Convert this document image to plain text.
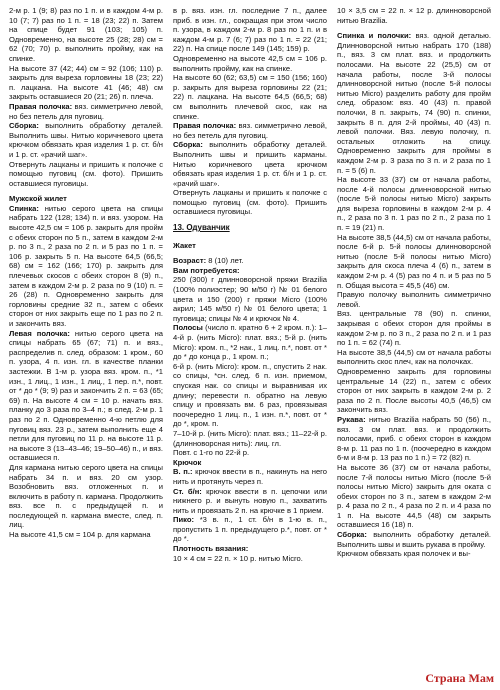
2-м р. 1 (9; 8) раз по 1 п. и в каждом 4-м р. 10 (7; 7) раз по 1 п. = 18 (23; 22) п. Затем на спице будет 91 (103; 105) п. Одновременно, на высоте 25 (28; 28) см = 62 (70; 70) р. выполнить пройму, как на спинке.

На высоте 37 (42; 44) см = 92 (106; 110) р. закрыть для выреза горловины 18 (23; 22) п. лацкана. На высоте 41 (46; 48) см закрыть оставшиеся 20 (21; 26) п. плеча.

Правая полочка: вяз. симметрично левой, но без петель для пуговиц.

Сборка: выполнить обработку деталей. Выполнить швы. Нитью коричневого цвета крючком обвязать края изделия 1 р. ст. б/н и 1 р. ст. «рачий шаг».

Отвернуть лацканы и пришить к полочке с помощью пуговиц (см. фото). Пришить оставшиеся пуговицы.

Мужской жилет

Спинка: нитью серого цвета на спицы набрать 122 (128; 134) п. и вяз. узором. На высоте 42,5 см = 106 р. закрыть для пройм с обеих сторон по 5 п., затем в каждом 2-м р. по 3 п., 2 раза по 2 п. и 5 раз по 1 п. = 106 р. закрыть 5 п. На высоте 64,5 (66,5; 68) см = 162 (166; 170) р. закрыть для плечевых скосов с обеих сторон 8 (9) п., затем в каждом 2-м р. 2 раза по 9 (10) п. = 26 (28) п. Одновременно закрыть для горловины средние 32 п., затем с обеих сторон от них закрыть еще по 1 раз по 2 п. и закончить вяз.

Левая полочка: нитью серого цвета на спицы набрать 65 (67; 71) п. и вяз., распределив п. след. образом: 1 кром., 60 п. узора, 4 п. изн. гл. в качестве планки застежки. В 1-м р. узора вяз. кром. п., *1 изн., 1 лиц., 1 изн., 1 лиц., 1 пер. п.*, повт. от * до * (9; 9) раз и закончить 2 п. = 63 (65; 69) п. На высоте 4 см = 10 р. начать вяз. планку до 3 раза по 3–4 п.; в след. 2-м р. 1 раз по 2 п. Одновременно 4-ю петлю для пуговиц вяз. 23 р., затем выполнить еще 4 петли для пуговиц по 11 р. на высоте 11 р. на высоте 3 (13–43–46; 19–50–46) п., и вяз. оставшиеся п.

Для кармана нитью серого цвета на спицы набрать 34 п. и вяз. 20 см узор. Возобновить вяз. отложенных п. и включить в работу п. кармана. Продолжить вяз. все п. с предыдущей п. и последующей п. кармана вместе, след. п. лиц.

На высоте 41,5 см = 104 р. для кармана

в р. вяз. изн. гл. последние 7 п., далее приб. в изн. гл., сокращая при этом число п. узора, в каждом 2-м р. 8 раз по 1 п. и в каждом 4-м р. 7 (6; 7) раз по 1 п. = 22 (21; 22) п. На спице после 149 (145; 159) р.

Одновременно на высоте 42,5 см = 106 р. выполнить пройму, как на спинке.

На высоте 60 (62; 63,5) см = 150 (156; 160) р. закрыть для выреза горловины 22 (21; 22) п. лацкана. На высоте 64,5 (66,5; 68) см выполнить плечевой скос, как на спинке.

Правая полочка: вяз. симметрично левой, но без петель для пуговиц.

Сборка: выполнить обработку деталей. Выполнить швы и пришить карманы. Нитью коричневого цвета крючком обвязать края изделия 1 р. ст. б/н и 1 р. ст. «рачий шаг».

Отвернуть лацканы и пришить к полочке с помощью пуговиц (см. фото). Пришить оставшиеся пуговицы.

13. Одуванчик

Жакет

Возраст: 8 (10) лет.

Вам потребуется:

250 (300) г длинноворсной пряжи Brazilia (100% полиэстер; 90 м/50 г) № 01 белого цвета и 150 (200) г пряжи Micro (100% акрил; 145 м/50 г) № 01 белого цвета; 1 пуговица; спицы № 4 и крючок № 4.

Полосы (число п. кратно 6 + 2 кром. п.): 1–4-й р. (нить Micro): плат. вяз.; 5-й р. (нить Micro): кром. п., *2 нак., 1 лиц. п.*, повт. от * до * до конца р., 1 кром. п.;

6-й р. (нить Micro): кром. п., спустить 2 нак. со спицы, *сн. след. 6 п. изн. приемом, спуская нак. со спицы и выравнивая их длину; перевести п. обратно на левую спицу и провязать вм. 6 раз, провязывая поочередно 1 лиц. п., 1 изн. п.*, повт. от * до *, кром. п.

7–10-й р. (нить Micro): плат. вяз.; 11–22-й р. (длинноворсная нить): лиц. гл.

Повт. с 1-го по 22-й р.

Крючок

В. п.: крючок ввести в п., накинуть на него нить и протянуть через п.

Ст. б/н: крючок ввести в п. цепочки или нижнего р. и вынуть новую п., захватить нить и провязать 2 п. на крючке в 1 прием.

Пико: *3 в. п., 1 ст. б/н в 1-ю в. п., пропустить 1 п. предыдущего р.*, повт. от * до *.

Плотность вязания:

10 × 4 см = 22 п. × 10 р. нитью Micro.

10 × 3,5 см = 22 п. × 12 р. длинноворсной нитью Brazilia.

Спинка и полочки: вяз. одной деталью. Длинноворсной нитью набрать 170 (188) п., вяз. 3 см плат. вяз. и продолжить полосами. На высоте 22 (25,5) см от начала работы, после 3-й полосы длинноворсной нитью (после 5-й полосы нитью Micro) разделить работу для пройм след. образом: вяз. 40 (43) п. правой полочки, 8 п. закрыть, 74 (90) п. спинки, закрыть 8 п. для 2-й проймы, 40 (43) п. левой полочки. Вяз. левую полочку, п. остальных отложить на спицу. Одновременно закрыть для проймы в каждом 2-м р. 3 раза по 3 п. и 2 раза по 1 п. = 5 (6) п.

На высоте 33 (37) см от начала работы, после 4-й полосы длинноворсной нитью (после 5-й полосы нитью Micro) закрыть для выреза горловины в каждом 2-м р. 4 п., 2 раза по 3 п. 1 раз по 2 п., 2 раза по 1 п. = 19 (21) п.

На высоте 38,5 (44,5) см от начала работы, после 6-й р. 5-й полосы длинноворсной нитью (после 5-й полосы нитью Micro) закрыть для скоса плеча 4 (6) п., затем в каждом 2-м р. 4 (5) раз по 4 п. и 5 раз по 5 п. Общая высота = 45,5 (46) см.

Правую полочку выполнить симметрично левой.

Вяз. центральные 78 (90) п. спинки, закрывая с обеих сторон для проймы в каждом 2-м р. по 3 п., 2 раза по 2 п. и 1 раз по 1 п. = 62 (74) п.

На высоте 38,5 (44,5) см от начала работы выполнить скос плеч, как на полочках.

Одновременно закрыть для горловины центральные 14 (22) п., затем с обеих сторон от них закрыть в каждом 2-м р. 2 раза по 2 п. После высоты 40,5 (46,5) см закончить вяз.

Рукава: нитью Brazilia набрать 50 (56) п., вяз. 3 см плат. вяз. и продолжить полосами, приб. с обеих сторон в каждом 8-м р. 11 раз по 1 п. (поочередно в каждом 6-м и 8-м р. 13 раз по 1 п.) = 72 (82) п.

На высоте 36 (37) см от начала работы, после 7-й полосы нитью Micro (после 5-й полосы нитью Micro) закрыть для оката с обеих сторон по 3 п., затем в каждом 2-м р. 4 раза по 2 п., 4 раза по 2 п. и 4 раза по 1 п. На высоте 44,5 (48) см закрыть оставшиеся 16 (18) п.

Сборка: выполнить обработку деталей. Выполнить швы и вшить рукава в пройму.

Крючком обвязать края полочек и вы-

Страна Мам
